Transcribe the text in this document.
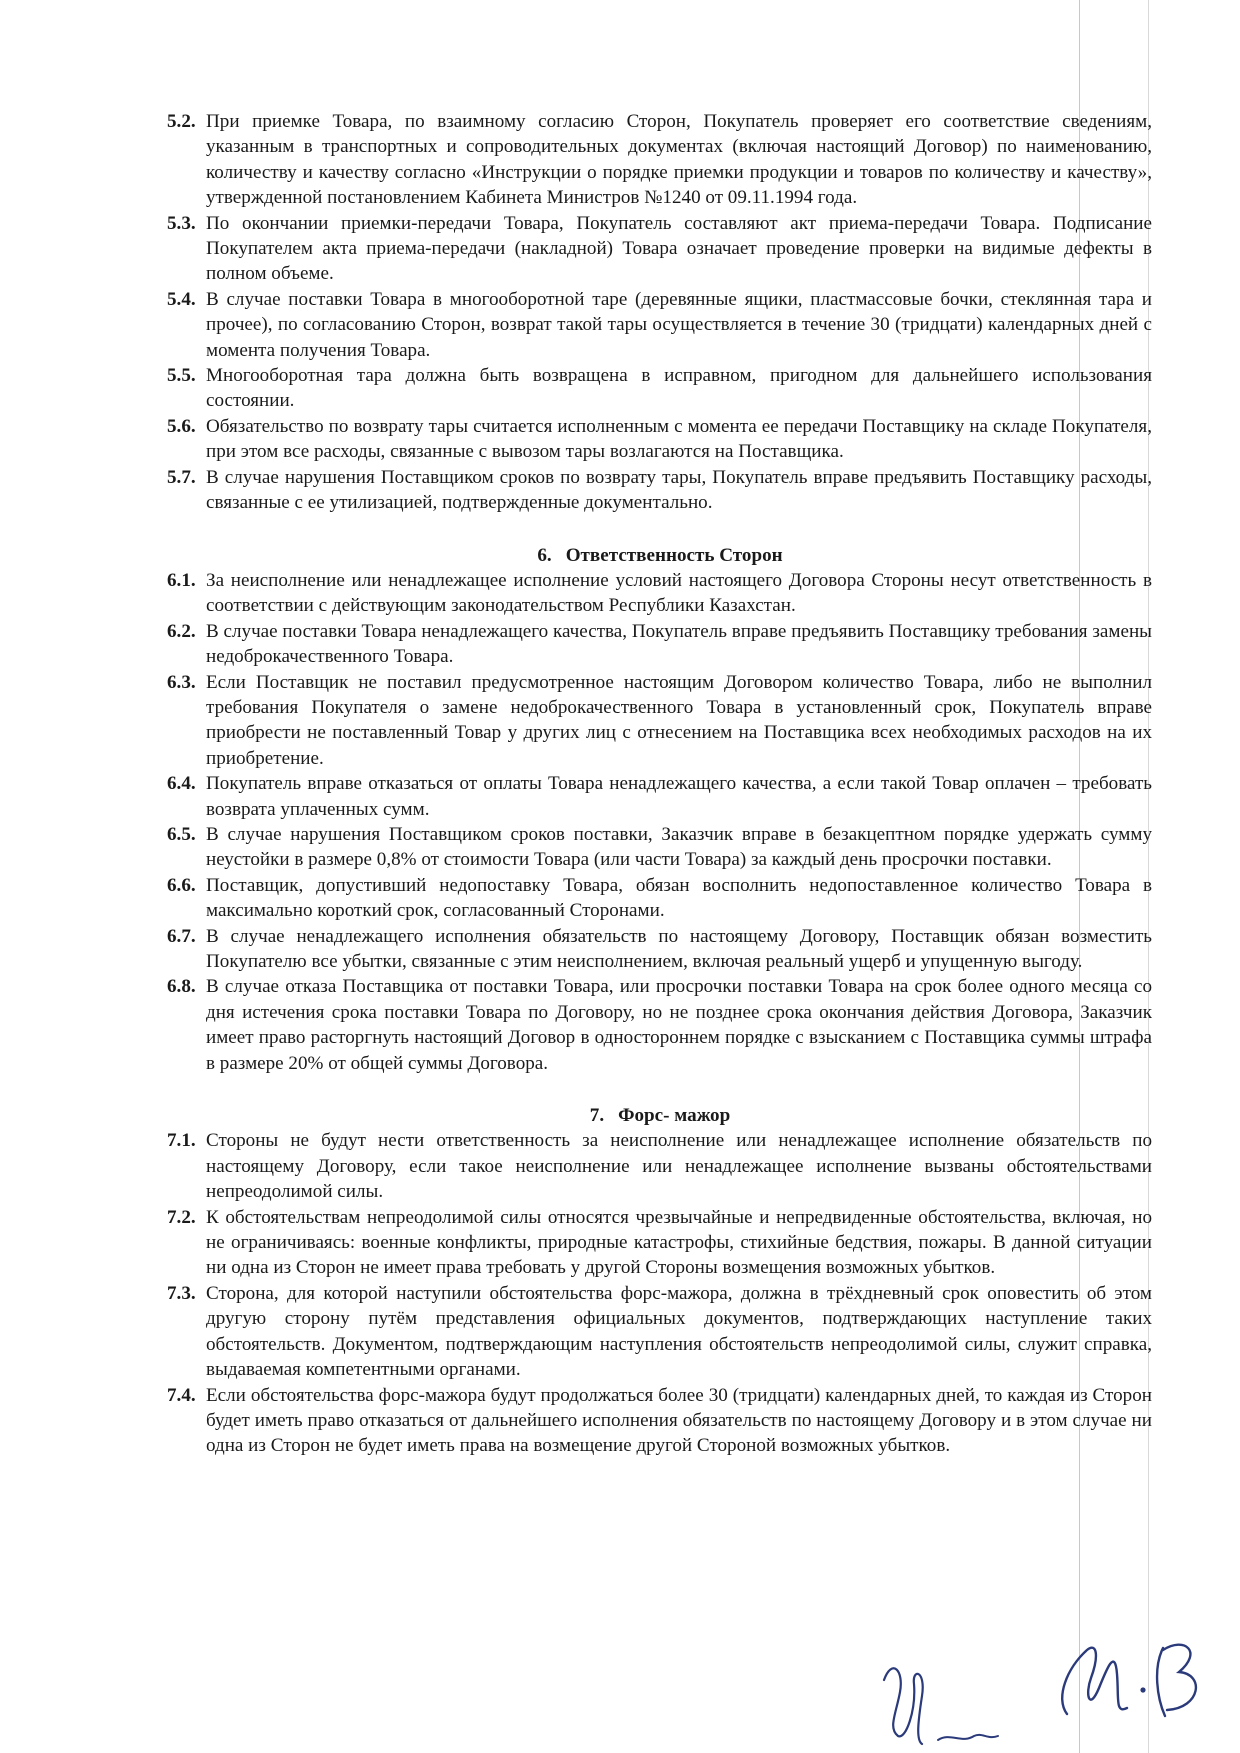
5.2. При приемке Товара, по взаимному согласию Сторон, Покупатель проверяет его соответствие сведениям, указанным в транспортных и сопроводительных документах (включая настоящий Договор) по наименованию, количеству и качеству согласно «Инструкции о порядке приемки продукции и товаров по количеству и качеству», утвержденной постановлением Кабинета Министров №1240 от 09.11.1994 года.

5.3. По окончании приемки-передачи Товара, Покупатель составляют акт приема-передачи Товара. Подписание Покупателем акта приема-передачи (накладной) Товара означает проведение проверки на видимые дефекты в полном объеме.

5.4. В случае поставки Товара в многооборотной таре (деревянные ящики, пластмассовые бочки, стеклянная тара и прочее), по согласованию Сторон, возврат такой тары осуществляется в течение 30 (тридцати) календарных дней с момента получения Товара.

5.5. Многооборотная тара должна быть возвращена в исправном, пригодном для дальнейшего использования состоянии.

5.6. Обязательство по возврату тары считается исполненным с момента ее передачи Поставщику на складе Покупателя, при этом все расходы, связанные с вывозом тары возлагаются на Поставщика.

5.7. В случае нарушения Поставщиком сроков по возврату тары, Покупатель вправе предъявить Поставщику расходы, связанные с ее утилизацией, подтвержденные документально.

6. Ответственность Сторон

6.1. За неисполнение или ненадлежащее исполнение условий настоящего Договора Стороны несут ответственность в соответствии с действующим законодательством Республики Казахстан.

6.2. В случае поставки Товара ненадлежащего качества, Покупатель вправе предъявить Поставщику требования замены недоброкачественного Товара.

6.3. Если Поставщик не поставил предусмотренное настоящим Договором количество Товара, либо не выполнил требования Покупателя о замене недоброкачественного Товара в установленный срок, Покупатель вправе приобрести не поставленный Товар у других лиц с отнесением на Поставщика всех необходимых расходов на их приобретение.

6.4. Покупатель вправе отказаться от оплаты Товара ненадлежащего качества, а если такой Товар оплачен – требовать возврата уплаченных сумм.

6.5. В случае нарушения Поставщиком сроков поставки, Заказчик вправе в безакцептном порядке удержать сумму неустойки в размере 0,8% от стоимости Товара (или части Товара) за каждый день просрочки поставки.

6.6. Поставщик, допустивший недопоставку Товара, обязан восполнить недопоставленное количество Товара в максимально короткий срок, согласованный Сторонами.

6.7. В случае ненадлежащего исполнения обязательств по настоящему Договору, Поставщик обязан возместить Покупателю все убытки, связанные с этим неисполнением, включая реальный ущерб и упущенную выгоду.

6.8. В случае отказа Поставщика от поставки Товара, или просрочки поставки Товара на срок более одного месяца со дня истечения срока поставки Товара по Договору, но не позднее срока окончания действия Договора, Заказчик имеет право расторгнуть настоящий Договор в одностороннем порядке с взысканием с Поставщика суммы штрафа в размере 20% от общей суммы Договора.

7. Форс- мажор

7.1. Стороны не будут нести ответственность за неисполнение или ненадлежащее исполнение обязательств по настоящему Договору, если такое неисполнение или ненадлежащее исполнение вызваны обстоятельствами непреодолимой силы.

7.2. К обстоятельствам непреодолимой силы относятся чрезвычайные и непредвиденные обстоятельства, включая, но не ограничиваясь: военные конфликты, природные катастрофы, стихийные бедствия, пожары. В данной ситуации ни одна из Сторон не имеет права требовать у другой Стороны возмещения возможных убытков.

7.3. Сторона, для которой наступили обстоятельства форс-мажора, должна в трёхдневный срок оповестить об этом другую сторону путём представления официальных документов, подтверждающих наступление таких обстоятельств. Документом, подтверждающим наступления обстоятельств непреодолимой силы, служит справка, выдаваемая компетентными органами.

7.4. Если обстоятельства форс-мажора будут продолжаться более 30 (тридцати) календарных дней, то каждая из Сторон будет иметь право отказаться от дальнейшего исполнения обязательств по настоящему Договору и в этом случае ни одна из Сторон не будет иметь права на возмещение другой Стороной возможных убытков.
